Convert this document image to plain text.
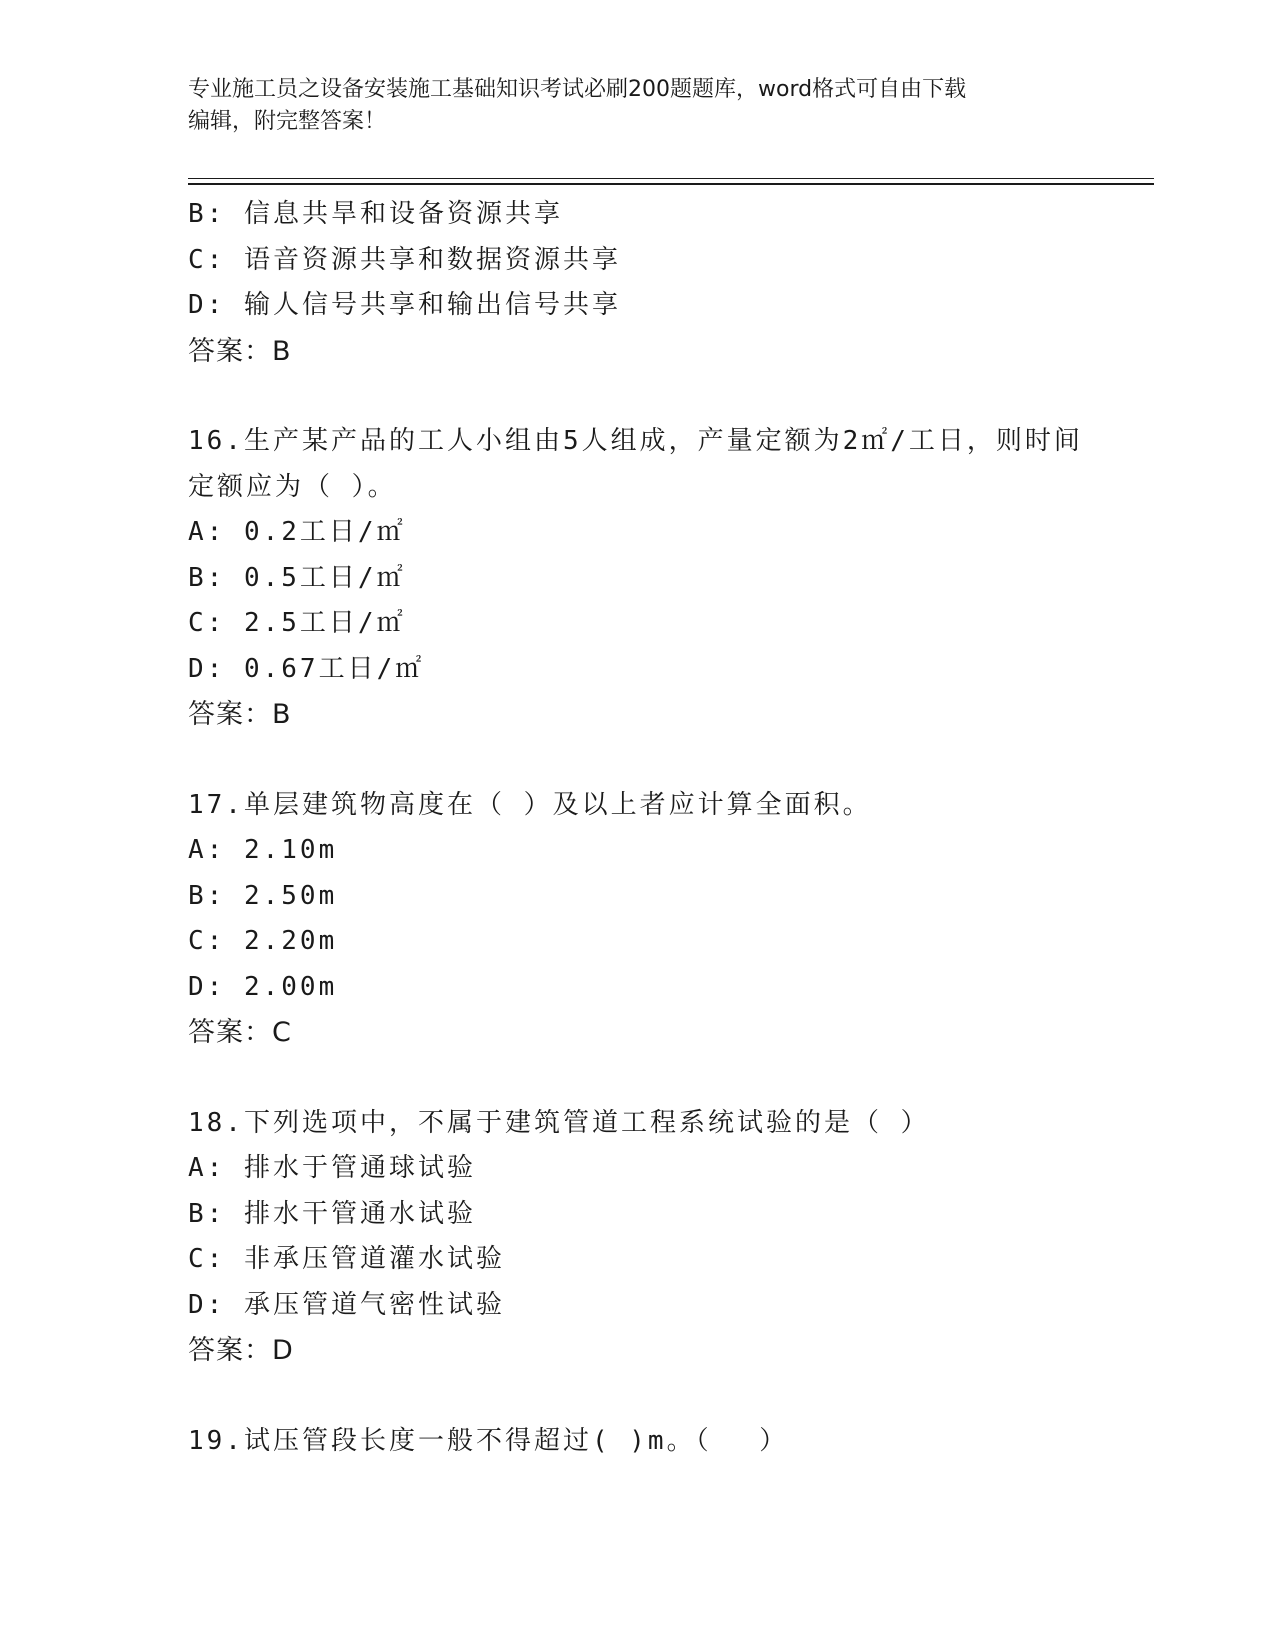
专业施工员之设备安装施工基础知识考试必刷200题题库，word格式可自由下载
编辑，附完整答案！
B: 信息共旱和设备资源共享
C: 语音资源共享和数据资源共享
D: 输人信号共享和输出信号共享
答案：B
16.生产某产品的工人小组由5人组成，产量定额为2㎡/工日，则时间
定额应为（ ）。
A: 0.2工日/㎡
B: 0.5工日/㎡
C: 2.5工日/㎡
D: 0.67工日/㎡
答案：B
17.单层建筑物高度在（ ）及以上者应计算全面积。
A: 2.10m
B: 2.50m
C: 2.20m
D: 2.00m
答案：C
18.下列选项中，不属于建筑管道工程系统试验的是（ ）
A: 排水于管通球试验
B: 排水干管通水试验
C: 非承压管道灌水试验
D: 承压管道气密性试验
答案：D
19.试压管段长度一般不得超过( )m。（　 ）
